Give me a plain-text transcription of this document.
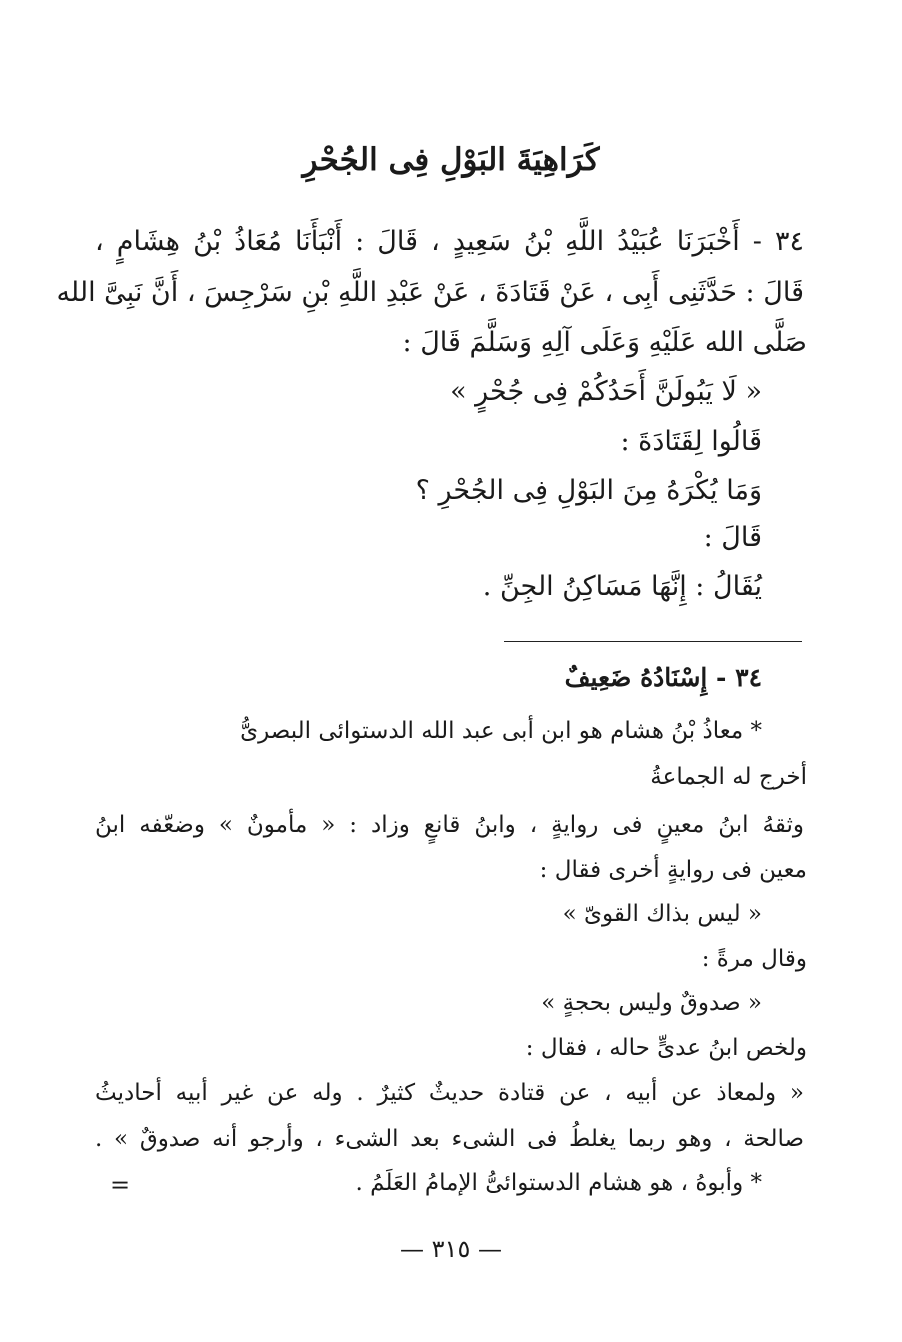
كَرَاهِيَةَ البَوْلِ فِى الجُحْرِ
٣٤ - أَخْبَرَنَا عُبَيْدُ اللَّهِ بْنُ سَعِيدٍ ، قَالَ : أَنْبَأَنَا مُعَاذُ بْنُ هِشَامٍ ،
قَالَ : حَدَّثَنِى أَبِى ، عَنْ قَتَادَةَ ، عَنْ عَبْدِ اللَّهِ بْنِ سَرْجِسَ ، أَنَّ نَبِىَّ الله
صَلَّى الله عَلَيْهِ وَعَلَى آلِهِ وَسَلَّمَ قَالَ :
« لَا يَبُولَنَّ أَحَدُكُمْ فِى جُحْرٍ »
قَالُوا لِقَتَادَةَ :
وَمَا يُكْرَهُ مِنَ البَوْلِ فِى الجُحْرِ ؟
قَالَ :
يُقَالُ : إِنَّهَا مَسَاكِنُ الجِنِّ .
٣٤ - إِسْنَادُهُ ضَعِيفٌ
* معاذُ بْنُ هشام هو ابن أبى عبد الله الدستوائى البصرىُّ
أخرج له الجماعةُ
وثقهُ ابنُ معينٍ فى روايةٍ ، وابنُ قانعٍ وزاد : « مأمونٌ » وضعّفه ابنُ
معين فى روايةٍ أخرى فقال :
« ليس بذاك القوىّ »
وقال مرةً :
« صدوقٌ وليس بحجةٍ »
ولخص ابنُ عدىٍّ حاله ، فقال :
« ولمعاذ عن أبيه ، عن قتادة حديثٌ كثيرٌ . وله عن غير أبيه أحاديثُ
صالحة ، وهو ربما يغلطُ فى الشىء بعد الشىء ، وأرجو أنه صدوقٌ » .
* وأبوهُ ، هو هشام الدستوائىُّ الإمامُ العَلَمُ .
=
— ٣١٥ —
